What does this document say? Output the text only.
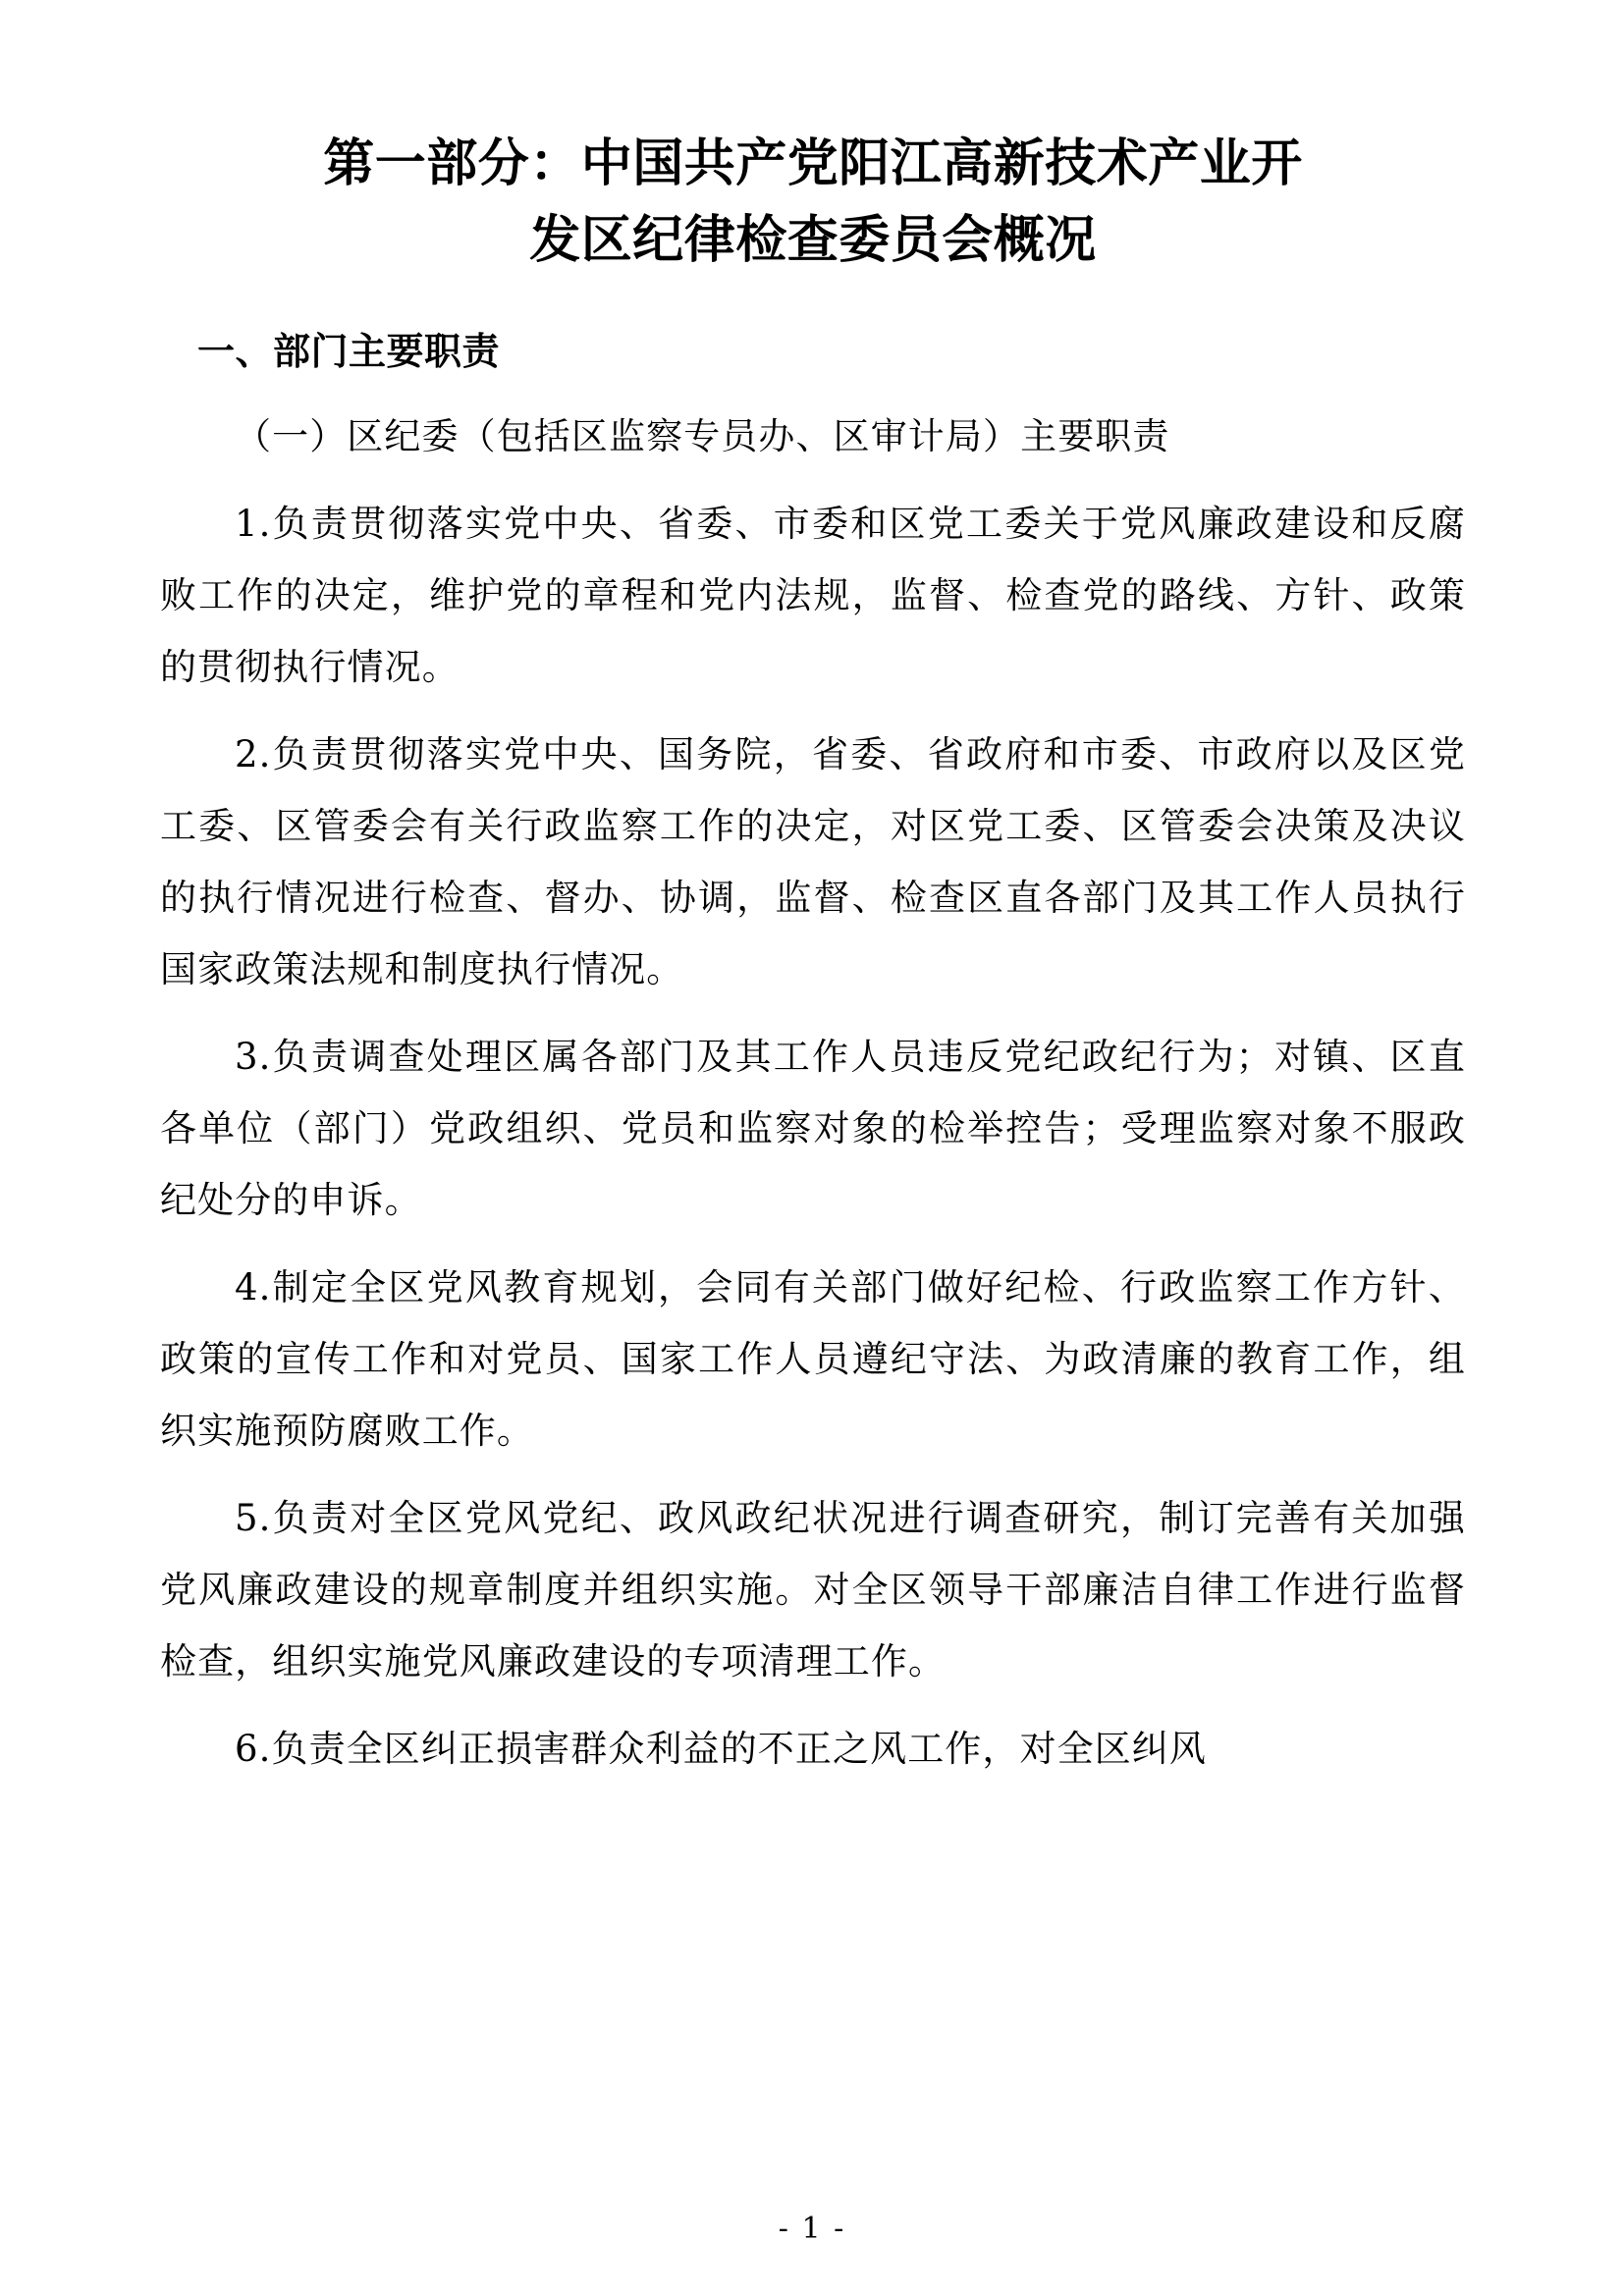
第一部分：中国共产党阳江高新技术产业开
发区纪律检查委员会概况
一、部门主要职责

（一）区纪委（包括区监察专员办、区审计局）主要职责

1.负责贯彻落实党中央、省委、市委和区党工委关于党风廉政建设和反腐败工作的决定，维护党的章程和党内法规，监督、检查党的路线、方针、政策的贯彻执行情况。

2.负责贯彻落实党中央、国务院，省委、省政府和市委、市政府以及区党工委、区管委会有关行政监察工作的决定，对区党工委、区管委会决策及决议的执行情况进行检查、督办、协调，监督、检查区直各部门及其工作人员执行国家政策法规和制度执行情况。

3.负责调查处理区属各部门及其工作人员违反党纪政纪行为；对镇、区直各单位（部门）党政组织、党员和监察对象的检举控告；受理监察对象不服政纪处分的申诉。

4.制定全区党风教育规划，会同有关部门做好纪检、行政监察工作方针、政策的宣传工作和对党员、国家工作人员遵纪守法、为政清廉的教育工作，组织实施预防腐败工作。

5.负责对全区党风党纪、政风政纪状况进行调查研究，制订完善有关加强党风廉政建设的规章制度并组织实施。对全区领导干部廉洁自律工作进行监督检查，组织实施党风廉政建设的专项清理工作。

6.负责全区纠正损害群众利益的不正之风工作，对全区纠风

- 1 -
